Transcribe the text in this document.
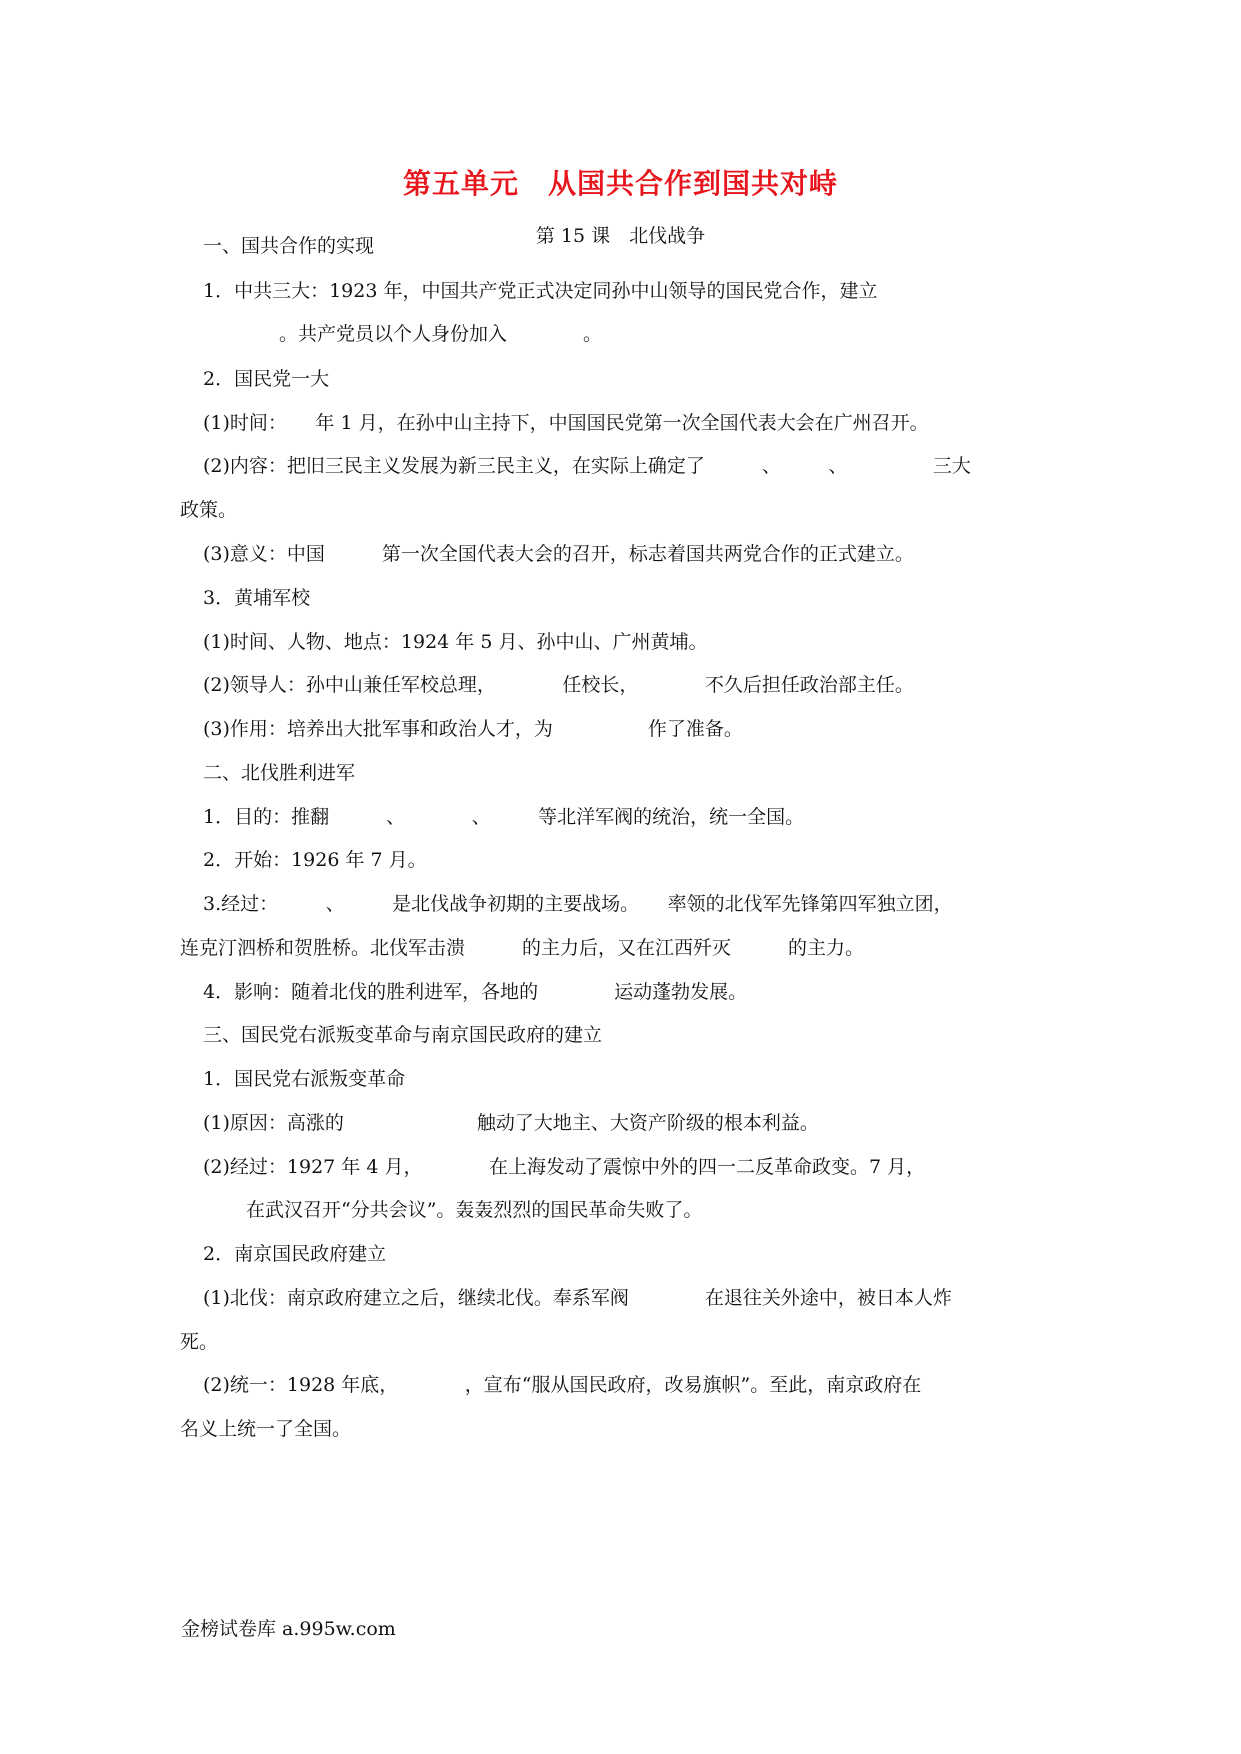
第五单元　从国共合作到国共对峙
第 15 课　北伐战争
一、国共合作的实现
1．中共三大：1923 年，中国共产党正式决定同孙中山领导的国民党合作，建立
　　　　。共产党员以个人身份加入　　　　。
2．国民党一大
(1)时间：　　年 1 月，在孙中山主持下，中国国民党第一次全国代表大会在广州召开。
(2)内容：把旧三民主义发展为新三民主义，在实际上确定了　　　、　　　、　　　　　三大
政策。
(3)意义：中国　　　第一次全国代表大会的召开，标志着国共两党合作的正式建立。
3．黄埔军校
(1)时间、人物、地点：1924 年 5 月、孙中山、广州黄埔。
(2)领导人：孙中山兼任军校总理，　　　　任校长，　　　　不久后担任政治部主任。
(3)作用：培养出大批军事和政治人才，为　　　　　作了准备。
二、北伐胜利进军
1．目的：推翻　　　、　　　　、　　　等北洋军阀的统治，统一全国。
2．开始：1926 年 7 月。
3.经过：　　　、　　　是北伐战争初期的主要战场。　　率领的北伐军先锋第四军独立团，
连克汀泗桥和贺胜桥。北伐军击溃　　　的主力后，又在江西歼灭　　　的主力。
4．影响：随着北伐的胜利进军，各地的　　　　运动蓬勃发展。
三、国民党右派叛变革命与南京国民政府的建立
1．国民党右派叛变革命
(1)原因：高涨的　　　　　　　触动了大地主、大资产阶级的根本利益。
(2)经过：1927 年 4 月，　　　　在上海发动了震惊中外的四一二反革命政变。7 月，
在武汉召开“分共会议”。轰轰烈烈的国民革命失败了。
2．南京国民政府建立
(1)北伐：南京政府建立之后，继续北伐。奉系军阀　　　　在退往关外途中，被日本人炸
死。
(2)统一：1928 年底，　　　　，宣布“服从国民政府，改易旗帜”。至此，南京政府在
名义上统一了全国。
金榜试卷库 a.995w.com
